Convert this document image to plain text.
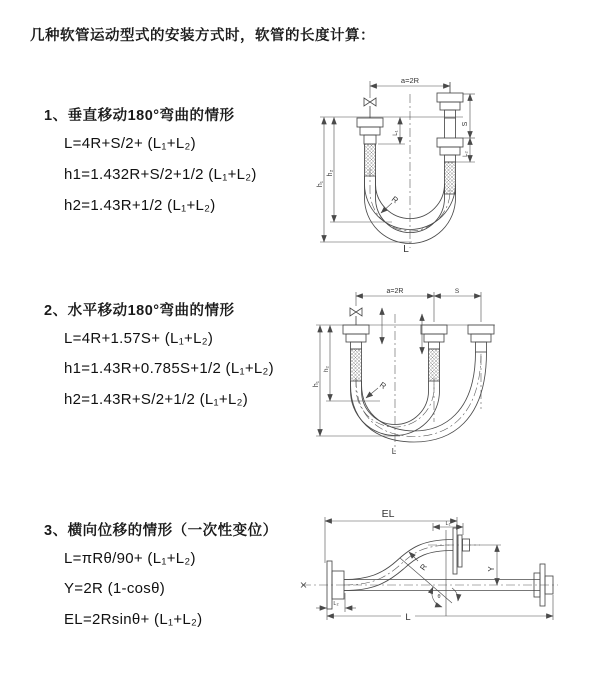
几种软管运动型式的安装方式时，软管的长度计算：
1、垂直移动180°弯曲的情形
L=4R+S/2+ (L₁+L₂)
h1=1.432R+S/2+1/2 (L₁+L₂)
h2=1.43R+1/2 (L₁+L₂)
2、水平移动180°弯曲的情形
L=4R+1.57S+ (L₁+L₂)
h1=1.43R+0.785S+1/2 (L₁+L₂)
h2=1.43R+S/2+1/2 (L₁+L₂)
3、横向位移的情形（一次性变位）
L=πRθ/90+ (L₁+L₂)
Y=2R (1-cosθ)
EL=2Rsinθ+ (L₁+L₂)
a=2R
S
L₂
L₁
h₁
h₂
R
L
a=2R	S
h₁
h₂
R
L
EL
L₁
Y
R
θ
L₂
L
